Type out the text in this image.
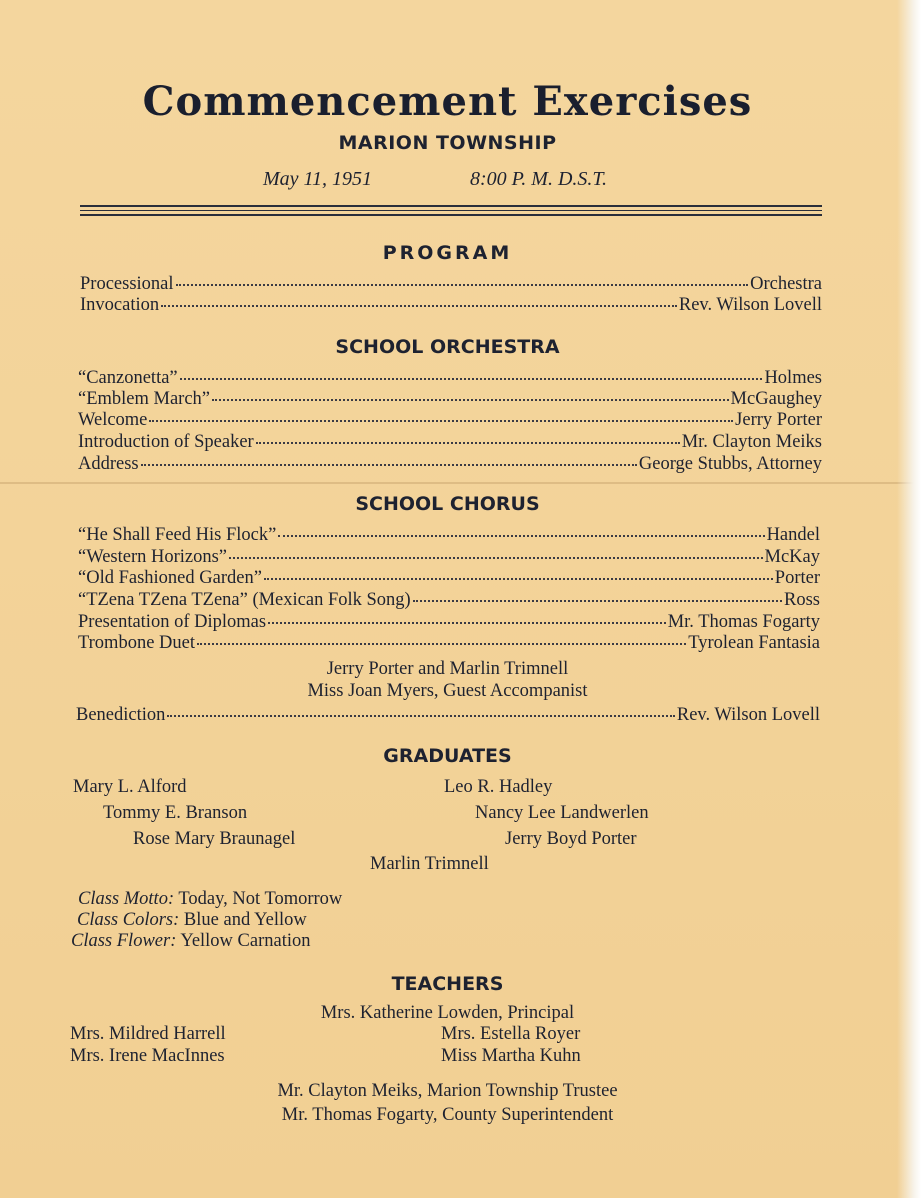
Commencement Exercises
MARION TOWNSHIP
May 11, 1951	8:00 P. M. D.S.T.
PROGRAM
Processional	Orchestra
Invocation	Rev. Wilson Lovell
SCHOOL ORCHESTRA
“Canzonetta”	Holmes
“Emblem March”	McGaughey
Welcome	Jerry Porter
Introduction of Speaker	Mr. Clayton Meiks
Address	George Stubbs, Attorney
SCHOOL CHORUS
“He Shall Feed His Flock”	Handel
“Western Horizons”	McKay
“Old Fashioned Garden”	Porter
“TZena TZena TZena” (Mexican Folk Song)	Ross
Presentation of Diplomas	Mr. Thomas Fogarty
Trombone Duet	Tyrolean Fantasia
Jerry Porter and Marlin Trimnell
Miss Joan Myers, Guest Accompanist
Benediction	Rev. Wilson Lovell
GRADUATES
Mary L. Alford	Leo R. Hadley
Tommy E. Branson	Nancy Lee Landwerlen
Rose Mary Braunagel	Jerry Boyd Porter
Marlin Trimnell
Class Motto: Today, Not Tomorrow
Class Colors: Blue and Yellow
Class Flower: Yellow Carnation
TEACHERS
Mrs. Katherine Lowden, Principal
Mrs. Mildred Harrell	Mrs. Estella Royer
Mrs. Irene MacInnes	Miss Martha Kuhn
Mr. Clayton Meiks, Marion Township Trustee
Mr. Thomas Fogarty, County Superintendent
